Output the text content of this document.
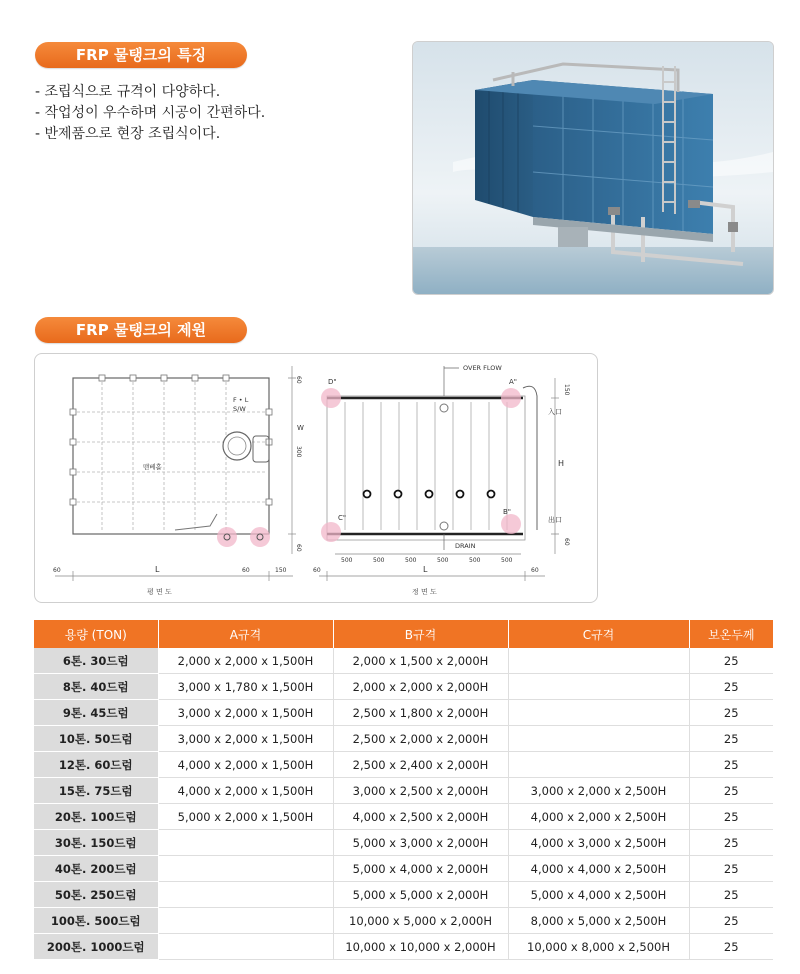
FRP 물탱크의 특징
- 조립식으로 규격이 다양하다.
- 작업성이 우수하며 시공이 간편하다.
- 반제품으로 현장 조립식이다.
FRP 물탱크의 제원
F • L
S/W
맨베홀
60
300
W
60
60	L	60	150
평 면 도
OVER FLOW
DRAIN
D"	A"
C"
B"
入口
出口
H
150
60
500	500	500	500	500	500
60	L	60
정 면 도
용량 (TON)	A규격	B규격	C규격	보온두께
6톤. 30드럼	2,000 x 2,000 x 1,500H	2,000 x 1,500 x 2,000H		25
8톤. 40드럼	3,000 x 1,780 x 1,500H	2,000 x 2,000 x 2,000H		25
9톤. 45드럼	3,000 x 2,000 x 1,500H	2,500 x 1,800 x 2,000H		25
10톤. 50드럼	3,000 x 2,000 x 1,500H	2,500 x 2,000 x 2,000H		25
12톤. 60드럼	4,000 x 2,000 x 1,500H	2,500 x 2,400 x 2,000H		25
15톤. 75드럼	4,000 x 2,000 x 1,500H	3,000 x 2,500 x 2,000H	3,000 x 2,000 x 2,500H	25
20톤. 100드럼	5,000 x 2,000 x 1,500H	4,000 x 2,500 x 2,000H	4,000 x 2,000 x 2,500H	25
30톤. 150드럼		5,000 x 3,000 x 2,000H	4,000 x 3,000 x 2,500H	25
40톤. 200드럼		5,000 x 4,000 x 2,000H	4,000 x 4,000 x 2,500H	25
50톤. 250드럼		5,000 x 5,000 x 2,000H	5,000 x 4,000 x 2,500H	25
100톤. 500드럼		10,000 x 5,000 x 2,000H	8,000 x 5,000 x 2,500H	25
200톤. 1000드럼		10,000 x 10,000 x 2,000H	10,000 x 8,000 x 2,500H	25
